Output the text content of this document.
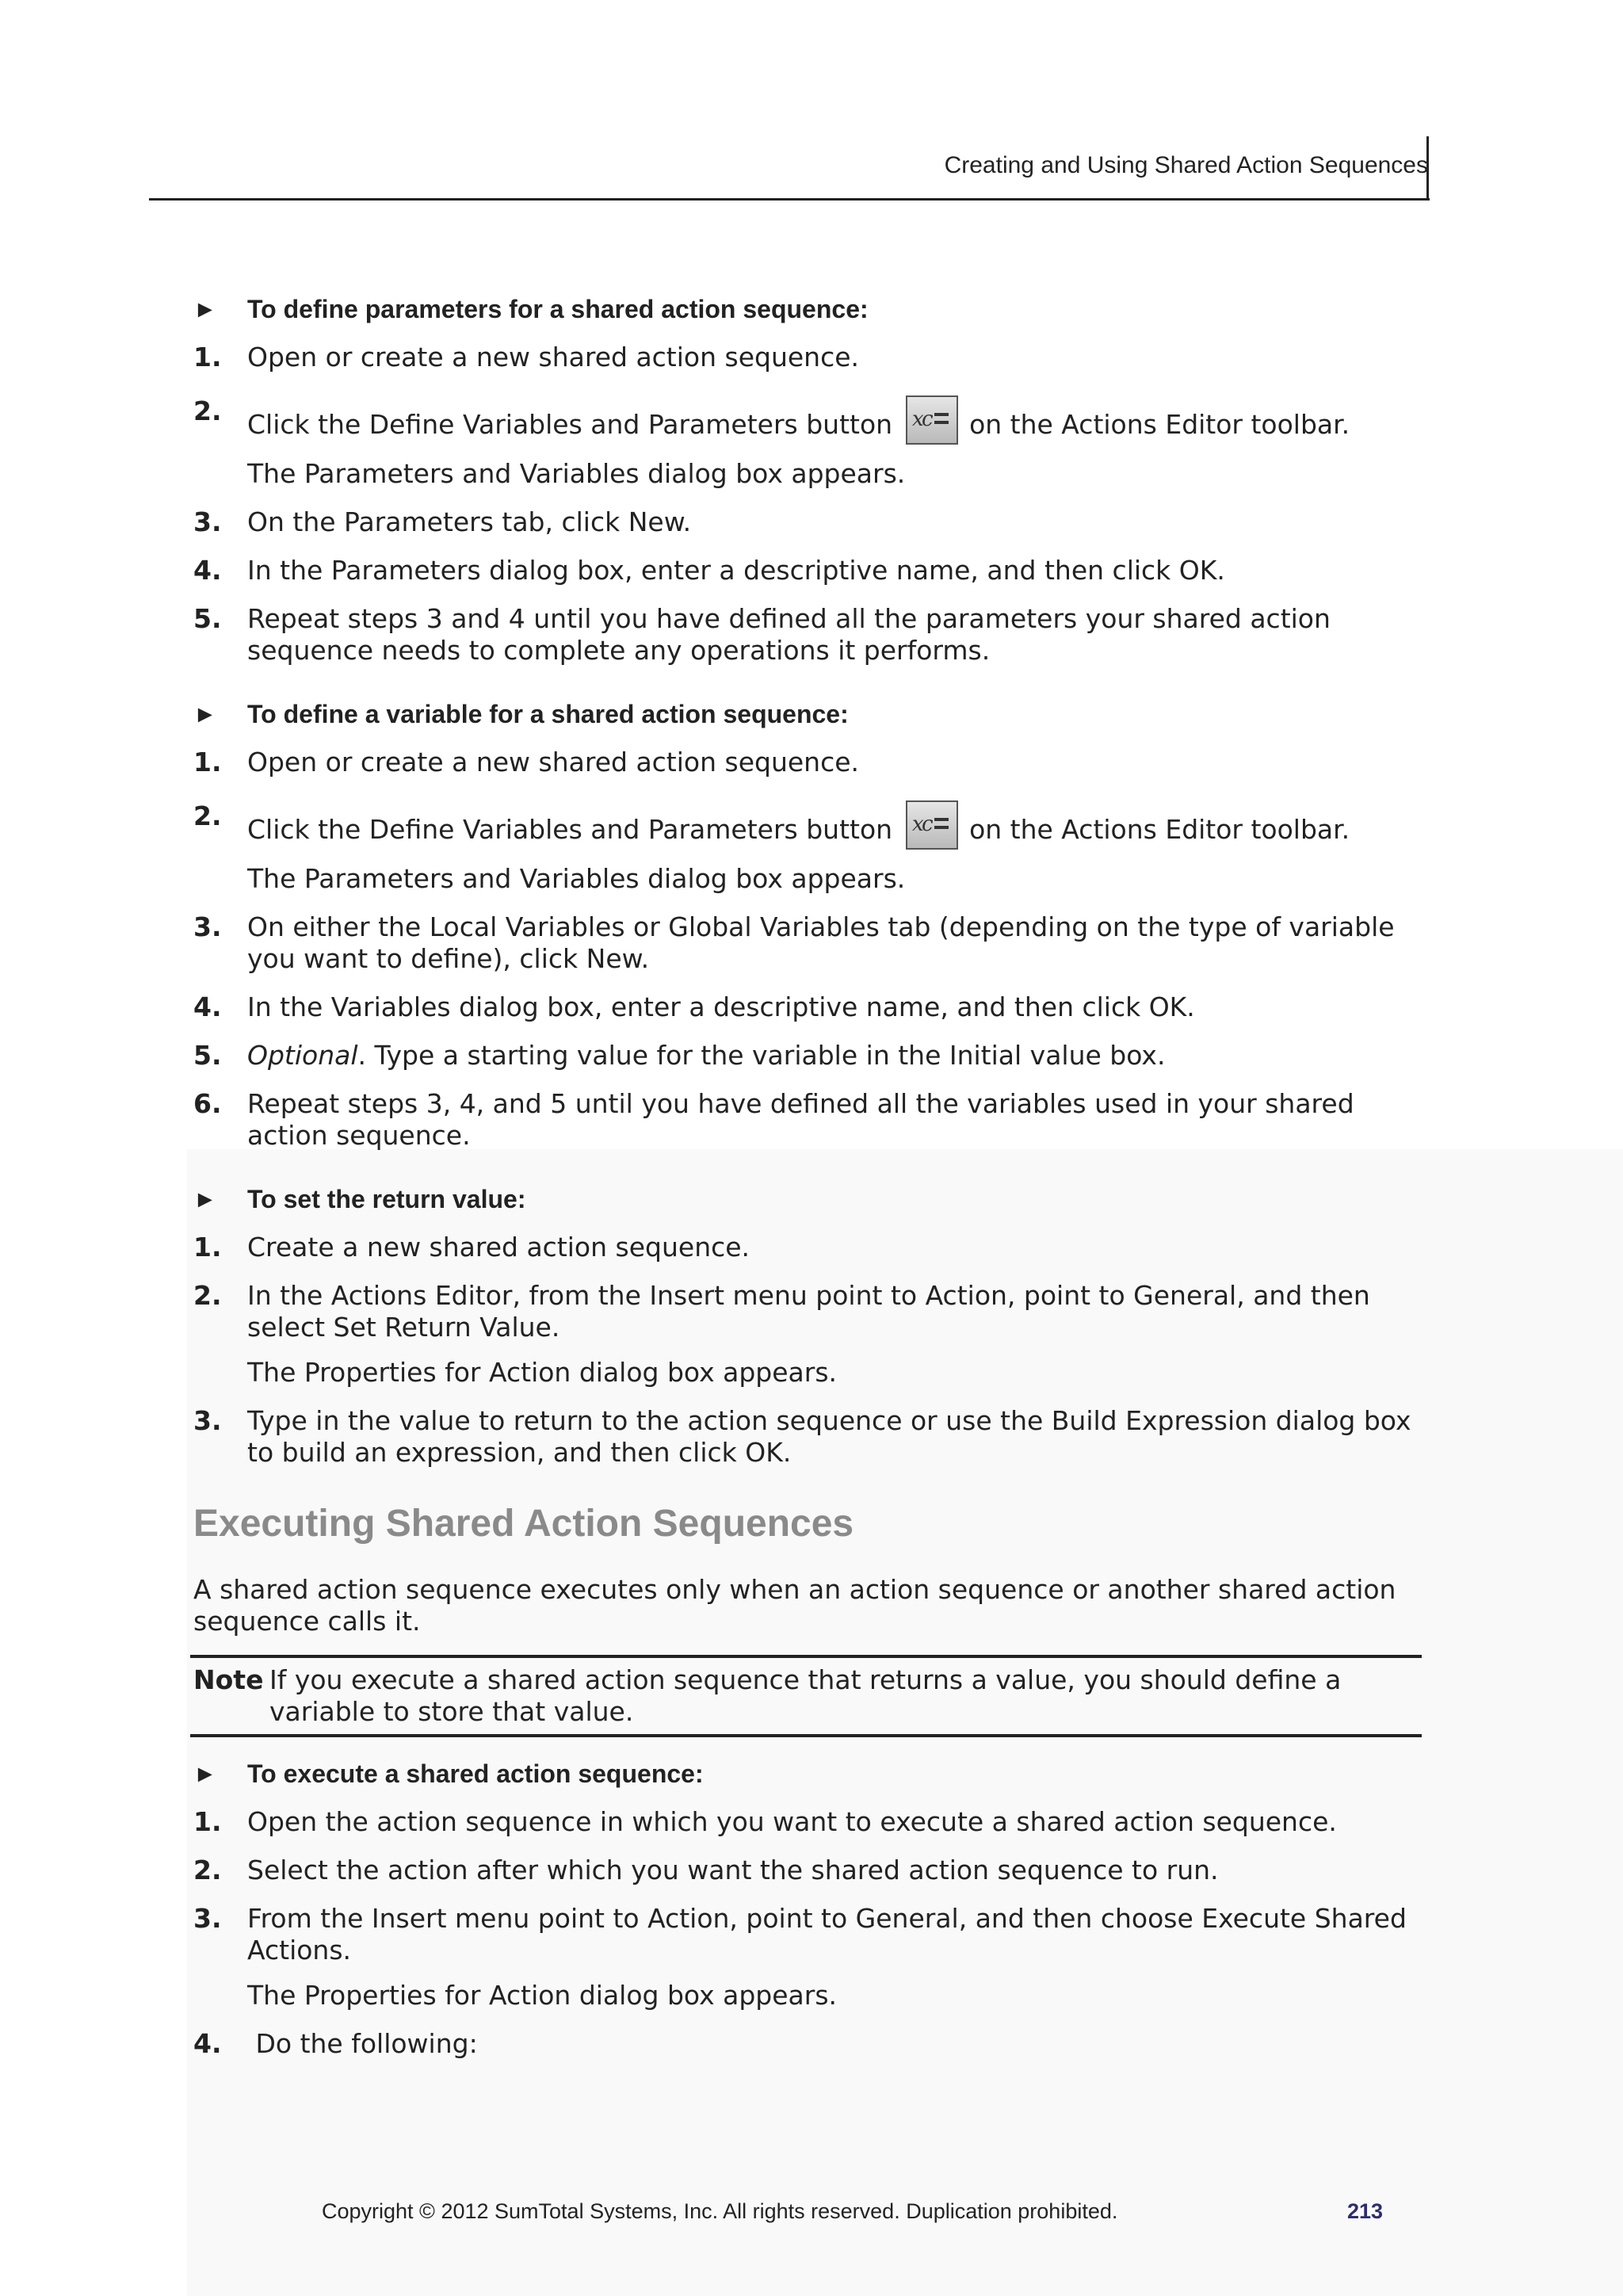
Creating and Using Shared Action Sequences
►	To define parameters for a shared action sequence:
1. Open or create a new shared action sequence.
2. Click the Define Variables and Parameters button x
c on the Actions Editor toolbar.
The Parameters and Variables dialog box appears.
3. On the Parameters tab, click New.
4. In the Parameters dialog box, enter a descriptive name, and then click OK.
5. Repeat steps 3 and 4 until you have defined all the parameters your shared action sequence needs to complete any operations it performs.
►	To define a variable for a shared action sequence:
1. Open or create a new shared action sequence.
2. Click the Define Variables and Parameters button x
c on the Actions Editor toolbar.
The Parameters and Variables dialog box appears.
3. On either the Local Variables or Global Variables tab (depending on the type of variable you want to define), click New.
4. In the Variables dialog box, enter a descriptive name, and then click OK.
5. Optional. Type a starting value for the variable in the Initial value box.
6. Repeat steps 3, 4, and 5 until you have defined all the variables used in your shared action sequence.
►	To set the return value:
1. Create a new shared action sequence.
2. In the Actions Editor, from the Insert menu point to Action, point to General, and then select Set Return Value.
The Properties for Action dialog box appears.
3. Type in the value to return to the action sequence or use the Build Expression dialog box to build an expression, and then click OK.
Executing Shared Action Sequences
A shared action sequence executes only when an action sequence or another shared action sequence calls it.
Note If you execute a shared action sequence that returns a value, you should define a variable to store that value.
►	To execute a shared action sequence:
1. Open the action sequence in which you want to execute a shared action sequence.
2. Select the action after which you want the shared action sequence to run.
3. From the Insert menu point to Action, point to General, and then choose Execute Shared Actions.
The Properties for Action dialog box appears.
4. Do the following:
Copyright © 2012 SumTotal Systems, Inc. All rights reserved. Duplication prohibited.	213
